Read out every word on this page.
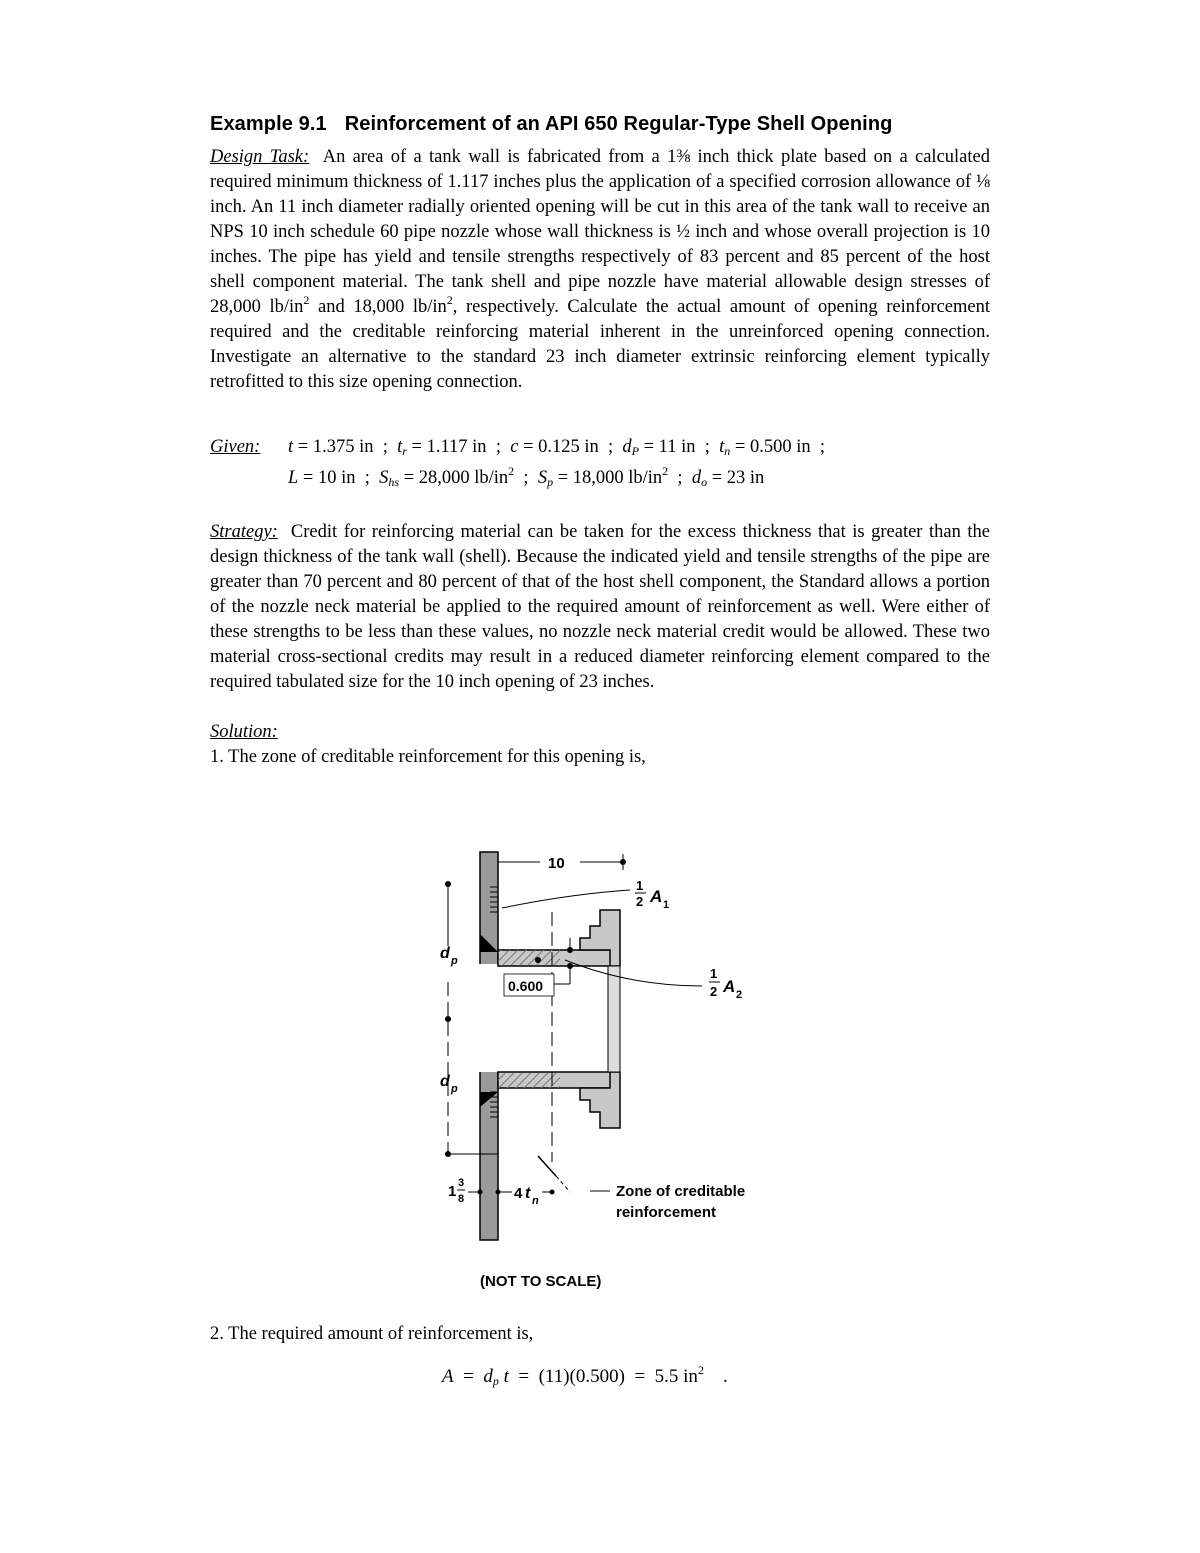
Example 9.1 Reinforcement of an API 650 Regular-Type Shell Opening

Design Task: An area of a tank wall is fabricated from a 1⅜ inch thick plate based on a calculated required minimum thickness of 1.117 inches plus the application of a specified corrosion allowance of ⅛ inch. An 11 inch diameter radially oriented opening will be cut in this area of the tank wall to receive an NPS 10 inch schedule 60 pipe nozzle whose wall thickness is ½ inch and whose overall projection is 10 inches. The pipe has yield and tensile strengths respectively of 83 percent and 85 percent of the host shell component material. The tank shell and pipe nozzle have material allowable design stresses of 28,000 $lb/in^2$ and 18,000 $lb/in^2$, respectively. Calculate the actual amount of opening reinforcement required and the creditable reinforcing material inherent in the unreinforced opening connection. Investigate an alternative to the standard 23 inch diameter extrinsic reinforcing element typically retrofitted to this size opening connection.

Given:	t = 1.375 in ; $t_r = 1.117$ in ; c = 0.125 in ; $d_P = 11$ in ; $t_n = 0.500$ in ;
L = 10 in ; $S_{hs} = 28,000$ $lb/in^2$ ; $S_p = 18,000$ $lb/in^2$ ; $d_o = 23$ in

Strategy: Credit for reinforcing material can be taken for the excess thickness that is greater than the design thickness of the tank wall (shell). Because the indicated yield and tensile strengths of the pipe are greater than 70 percent and 80 percent of that of the host shell component, the Standard allows a portion of the nozzle neck material be applied to the required amount of reinforcement as well. Were either of these strengths to be less than these values, no nozzle neck material credit would be allowed. These two material cross-sectional credits may result in a reduced diameter reinforcing element compared to the required tabulated size for the 10 inch opening of 23 inches.

Solution:

1. The zone of creditable reinforcement for this opening is,

10
1
2 A 1
1
2 A 2
0.600
d p
d p
1 3
8	4 t n
Zone of creditable
reinforcement
(NOT TO SCALE)
2. The required amount of reinforcement is,
$A = d_p$ t = (11)(0.500) = 5.5 $in^2$ .
